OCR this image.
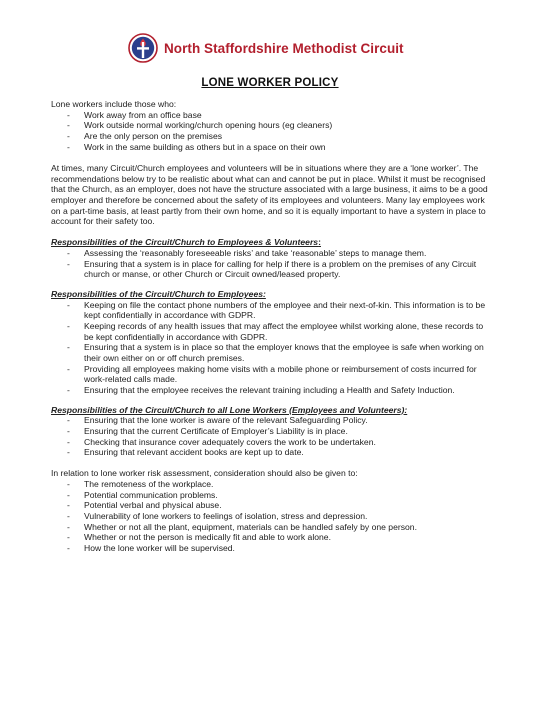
North Staffordshire Methodist Circuit
LONE WORKER POLICY

Lone workers include those who:

- Work away from an office base
- Work outside normal working/church opening hours (eg cleaners)
- Are the only person on the premises
- Work in the same building as others but in a space on their own

At times, many Circuit/Church employees and volunteers will be in situations where they are a ‘lone worker’. The recommendations below try to be realistic about what can and cannot be put in place. Whilst it must be recognised that the Church, as an employer, does not have the structure associated with a large business, it aims to be a good employer and therefore be concerned about the safety of its employees and volunteers. Many lay employees work on a part-time basis, at least partly from their own home, and so it is equally important to have a system in place to account for their safety too.

Responsibilities of the Circuit/Church to Employees & Volunteers:
- Assessing the ‘reasonably foreseeable risks’ and take ‘reasonable’ steps to manage them.
- Ensuring that a system is in place for calling for help if there is a problem on the premises of any Circuit church or manse, or other Church or Circuit owned/leased property.
Responsibilities of the Circuit/Church to Employees:
- Keeping on file the contact phone numbers of the employee and their next-of-kin. This information is to be kept confidentially in accordance with GDPR.
- Keeping records of any health issues that may affect the employee whilst working alone, these records to be kept confidentially in accordance with GDPR.
- Ensuring that a system is in place so that the employer knows that the employee is safe when working on their own either on or off church premises.
- Providing all employees making home visits with a mobile phone or reimbursement of costs incurred for work-related calls made.
- Ensuring that the employee receives the relevant training including a Health and Safety Induction.
Responsibilities of the Circuit/Church to all Lone Workers (Employees and Volunteers):
- Ensuring that the lone worker is aware of the relevant Safeguarding Policy.
- Ensuring that the current Certificate of Employer’s Liability is in place.
- Checking that insurance cover adequately covers the work to be undertaken.
- Ensuring that relevant accident books are kept up to date.

In relation to lone worker risk assessment, consideration should also be given to:

- The remoteness of the workplace.
- Potential communication problems.
- Potential verbal and physical abuse.
- Vulnerability of lone workers to feelings of isolation, stress and depression.
- Whether or not all the plant, equipment, materials can be handled safely by one person.
- Whether or not the person is medically fit and able to work alone.
- How the lone worker will be supervised.
